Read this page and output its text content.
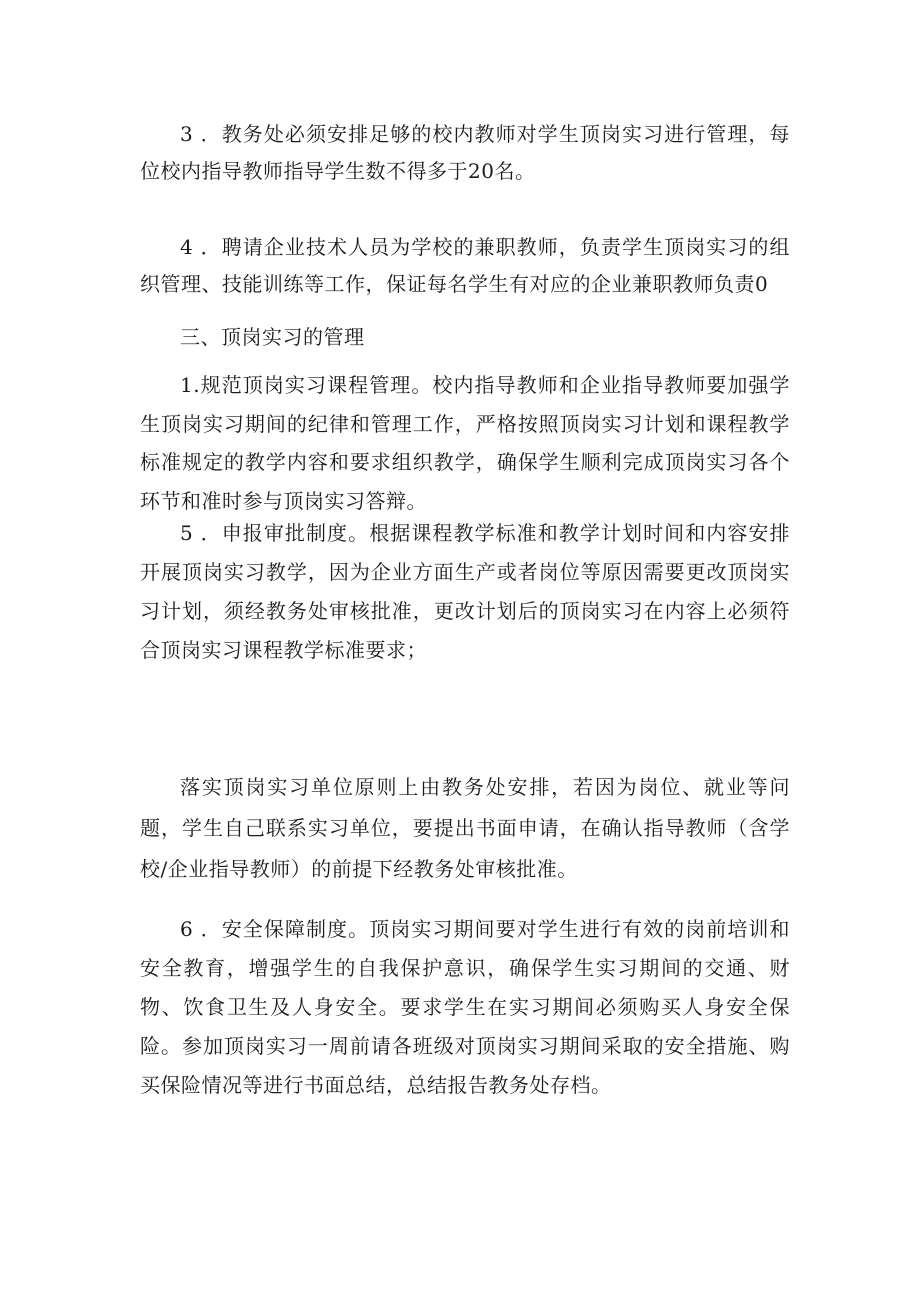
3 ．教务处必须安排足够的校内教师对学生顶岗实习进行管理，每位校内指导教师指导学生数不得多于20名。

4 ．聘请企业技术人员为学校的兼职教师，负责学生顶岗实习的组织管理、技能训练等工作，保证每名学生有对应的企业兼职教师负责0

三、顶岗实习的管理

1.规范顶岗实习课程管理。校内指导教师和企业指导教师要加强学生顶岗实习期间的纪律和管理工作，严格按照顶岗实习计划和课程教学标准规定的教学内容和要求组织教学，确保学生顺利完成顶岗实习各个环节和准时参与顶岗实习答辩。

5 ．申报审批制度。根据课程教学标准和教学计划时间和内容安排开展顶岗实习教学，因为企业方面生产或者岗位等原因需要更改顶岗实习计划，须经教务处审核批准，更改计划后的顶岗实习在内容上必须符合顶岗实习课程教学标准要求；

落实顶岗实习单位原则上由教务处安排，若因为岗位、就业等问题，学生自己联系实习单位，要提出书面申请，在确认指导教师（含学校/企业指导教师）的前提下经教务处审核批准。

6 ．安全保障制度。顶岗实习期间要对学生进行有效的岗前培训和安全教育，增强学生的自我保护意识，确保学生实习期间的交通、财物、饮食卫生及人身安全。要求学生在实习期间必须购买人身安全保险。参加顶岗实习一周前请各班级对顶岗实习期间采取的安全措施、购买保险情况等进行书面总结，总结报告教务处存档。
